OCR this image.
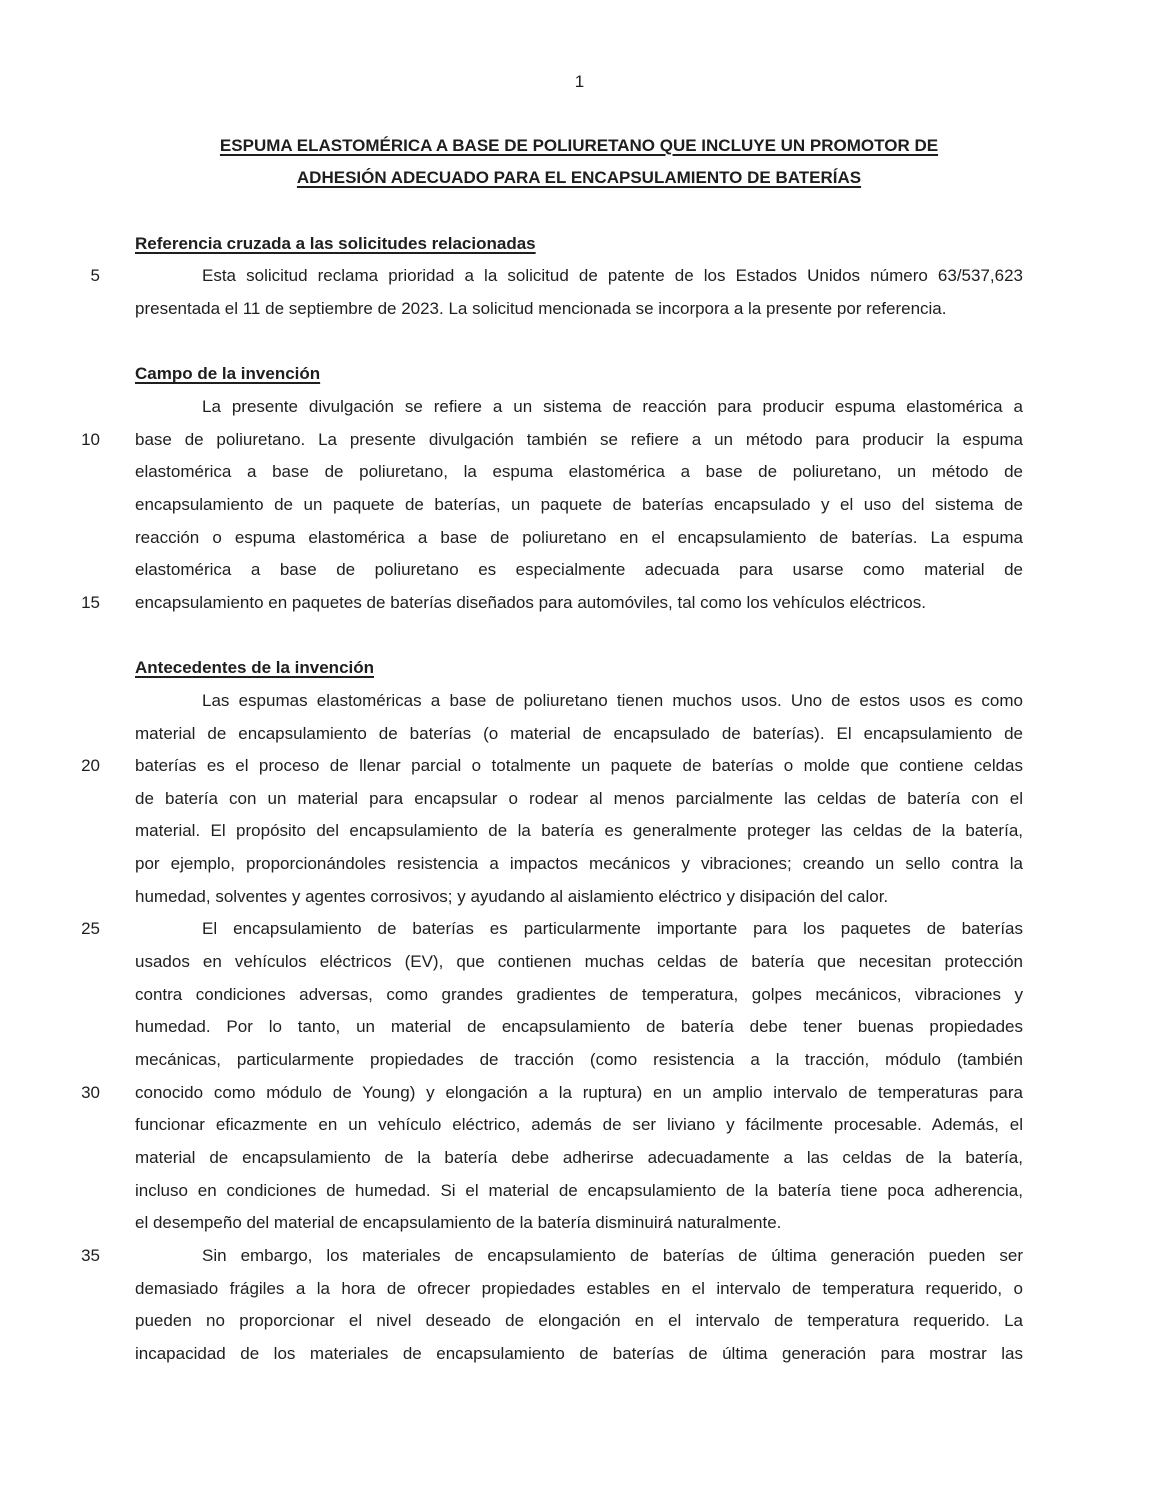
1
ESPUMA ELASTOMÉRICA A BASE DE POLIURETANO QUE INCLUYE UN PROMOTOR DE
ADHESIÓN ADECUADO PARA EL ENCAPSULAMIENTO DE BATERÍAS
Referencia cruzada a las solicitudes relacionadas
5	Esta solicitud reclama prioridad a la solicitud de patente de los Estados Unidos número 63/537,623
presentada el 11 de septiembre de 2023. La solicitud mencionada se incorpora a la presente por referencia.
Campo de la invención
La presente divulgación se refiere a un sistema de reacción para producir espuma elastomérica a
10 base de poliuretano. La presente divulgación también se refiere a un método para producir la espuma
elastomérica a base de poliuretano, la espuma elastomérica a base de poliuretano, un método de
encapsulamiento de un paquete de baterías, un paquete de baterías encapsulado y el uso del sistema de
reacción o espuma elastomérica a base de poliuretano en el encapsulamiento de baterías. La espuma
elastomérica a base de poliuretano es especialmente adecuada para usarse como material de
15 encapsulamiento en paquetes de baterías diseñados para automóviles, tal como los vehículos eléctricos.
Antecedentes de la invención
Las espumas elastoméricas a base de poliuretano tienen muchos usos. Uno de estos usos es como
material de encapsulamiento de baterías (o material de encapsulado de baterías). El encapsulamiento de
20 baterías es el proceso de llenar parcial o totalmente un paquete de baterías o molde que contiene celdas
de batería con un material para encapsular o rodear al menos parcialmente las celdas de batería con el
material. El propósito del encapsulamiento de la batería es generalmente proteger las celdas de la batería,
por ejemplo, proporcionándoles resistencia a impactos mecánicos y vibraciones; creando un sello contra la
humedad, solventes y agentes corrosivos; y ayudando al aislamiento eléctrico y disipación del calor.
25	El encapsulamiento de baterías es particularmente importante para los paquetes de baterías
usados en vehículos eléctricos (EV), que contienen muchas celdas de batería que necesitan protección
contra condiciones adversas, como grandes gradientes de temperatura, golpes mecánicos, vibraciones y
humedad. Por lo tanto, un material de encapsulamiento de batería debe tener buenas propiedades
mecánicas, particularmente propiedades de tracción (como resistencia a la tracción, módulo (también
30 conocido como módulo de Young) y elongación a la ruptura) en un amplio intervalo de temperaturas para
funcionar eficazmente en un vehículo eléctrico, además de ser liviano y fácilmente procesable. Además, el
material de encapsulamiento de la batería debe adherirse adecuadamente a las celdas de la batería,
incluso en condiciones de humedad. Si el material de encapsulamiento de la batería tiene poca adherencia,
el desempeño del material de encapsulamiento de la batería disminuirá naturalmente.
35	Sin embargo, los materiales de encapsulamiento de baterías de última generación pueden ser
demasiado frágiles a la hora de ofrecer propiedades estables en el intervalo de temperatura requerido, o
pueden no proporcionar el nivel deseado de elongación en el intervalo de temperatura requerido. La
incapacidad de los materiales de encapsulamiento de baterías de última generación para mostrar las
